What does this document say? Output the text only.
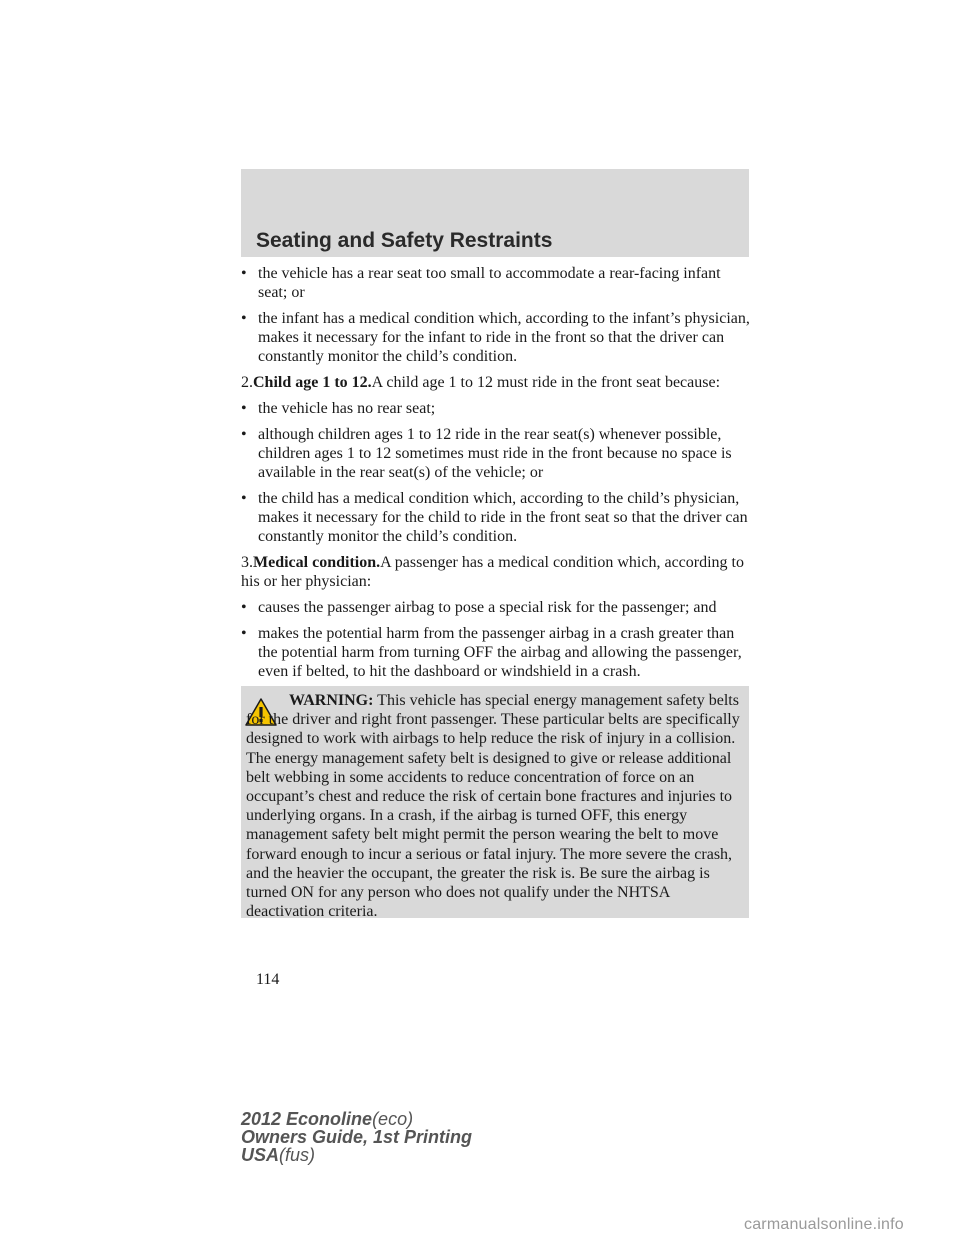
Seating and Safety Restraints
• the vehicle has a rear seat too small to accommodate a rear-facing infant seat; or
• the infant has a medical condition which, according to the infant’s physician, makes it necessary for the infant to ride in the front so that the driver can constantly monitor the child’s condition.
2.Child age 1 to 12.A child age 1 to 12 must ride in the front seat because:
• the vehicle has no rear seat;
• although children ages 1 to 12 ride in the rear seat(s) whenever possible, children ages 1 to 12 sometimes must ride in the front because no space is available in the rear seat(s) of the vehicle; or
• the child has a medical condition which, according to the child’s physician, makes it necessary for the child to ride in the front seat so that the driver can constantly monitor the child’s condition.
3.Medical condition.A passenger has a medical condition which, according to his or her physician:
• causes the passenger airbag to pose a special risk for the passenger; and
• makes the potential harm from the passenger airbag in a crash greater than the potential harm from turning OFF the airbag and allowing the passenger, even if belted, to hit the dashboard or windshield in a crash.
WARNING: This vehicle has special energy management safety belts for the driver and right front passenger. These particular belts are specifically designed to work with airbags to help reduce the risk of injury in a collision. The energy management safety belt is designed to give or release additional belt webbing in some accidents to reduce concentration of force on an occupant’s chest and reduce the risk of certain bone fractures and injuries to underlying organs. In a crash, if the airbag is turned OFF, this energy management safety belt might permit the person wearing the belt to move forward enough to incur a serious or fatal injury. The more severe the crash, and the heavier the occupant, the greater the risk is. Be sure the airbag is turned ON for any person who does not qualify under the NHTSA deactivation criteria.
114
2012 Econoline(eco)
Owners Guide, 1st Printing
USA(fus)
carmanualsonline.info
